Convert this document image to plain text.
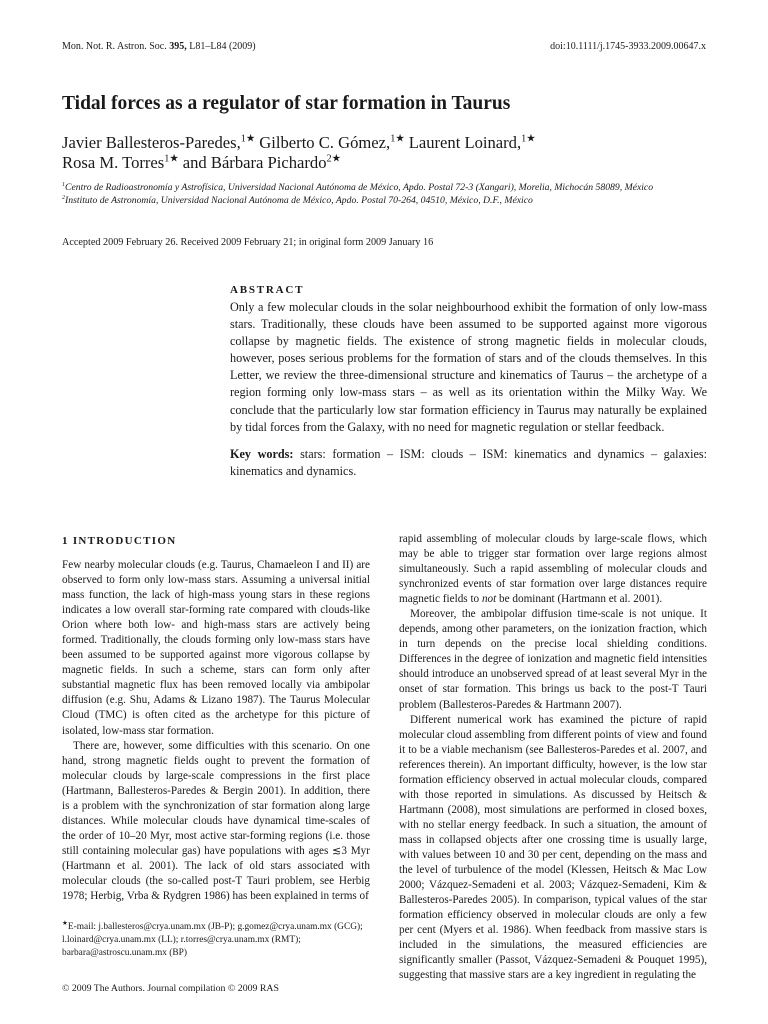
Mon. Not. R. Astron. Soc. 395, L81–L84 (2009)	doi:10.1111/j.1745-3933.2009.00647.x
Tidal forces as a regulator of star formation in Taurus
Javier Ballesteros-Paredes,$^{1★}$ Gilberto C. Gómez,$^{1★}$ Laurent Loinard,$^{1★}$
Rosa M. Torres$^{1★}$ and Bárbara Pichardo$^{2★}$
$^1$Centro de Radioastronomía y Astrofísica, Universidad Nacional Autónoma de México, Apdo. Postal 72-3 (Xangari), Morelia, Michocán 58089, México
$^2$Instituto de Astronomía, Universidad Nacional Autónoma de México, Apdo. Postal 70-264, 04510, México, D.F., México
Accepted 2009 February 26. Received 2009 February 21; in original form 2009 January 16
ABSTRACT

Only a few molecular clouds in the solar neighbourhood exhibit the formation of only low-mass stars. Traditionally, these clouds have been assumed to be supported against more vigorous collapse by magnetic fields. The existence of strong magnetic fields in molecular clouds, however, poses serious problems for the formation of stars and of the clouds themselves. In this Letter, we review the three-dimensional structure and kinematics of Taurus – the archetype of a region forming only low-mass stars – as well as its orientation within the Milky Way. We conclude that the particularly low star formation efficiency in Taurus may naturally be explained by tidal forces from the Galaxy, with no need for magnetic regulation or stellar feedback.

Key words: stars: formation – ISM: clouds – ISM: kinematics and dynamics – galaxies: kinematics and dynamics.

1 INTRODUCTION

Few nearby molecular clouds (e.g. Taurus, Chamaeleon I and II) are observed to form only low-mass stars. Assuming a universal initial mass function, the lack of high-mass young stars in these regions indicates a low overall star-forming rate compared with clouds-like Orion where both low- and high-mass stars are actively being formed. Traditionally, the clouds forming only low-mass stars have been assumed to be supported against more vigorous collapse by magnetic fields. In such a scheme, stars can form only after substantial magnetic flux has been removed locally via ambipolar diffusion (e.g. Shu, Adams & Lizano 1987). The Taurus Molecular Cloud (TMC) is often cited as the archetype for this picture of isolated, low-mass star formation.

There are, however, some difficulties with this scenario. On one hand, strong magnetic fields ought to prevent the formation of molecular clouds by large-scale compressions in the first place (Hartmann, Ballesteros-Paredes & Bergin 2001). In addition, there is a problem with the synchronization of star formation along large distances. While molecular clouds have dynamical time-scales of the order of 10–20 Myr, most active star-forming regions (i.e. those still containing molecular gas) have populations with ages ≲3 Myr (Hartmann et al. 2001). The lack of old stars associated with molecular clouds (the so-called post-T Tauri problem, see Herbig 1978; Herbig, Vrba & Rydgren 1986) has been explained in terms of

rapid assembling of molecular clouds by large-scale flows, which may be able to trigger star formation over large regions almost simultaneously. Such a rapid assembling of molecular clouds and synchronized events of star formation over large distances require magnetic fields to not be dominant (Hartmann et al. 2001).

Moreover, the ambipolar diffusion time-scale is not unique. It depends, among other parameters, on the ionization fraction, which in turn depends on the precise local shielding conditions. Differences in the degree of ionization and magnetic field intensities should introduce an unobserved spread of at least several Myr in the onset of star formation. This brings us back to the post-T Tauri problem (Ballesteros-Paredes & Hartmann 2007).

Different numerical work has examined the picture of rapid molecular cloud assembling from different points of view and found it to be a viable mechanism (see Ballesteros-Paredes et al. 2007, and references therein). An important difficulty, however, is the low star formation efficiency observed in actual molecular clouds, compared with those reported in simulations. As discussed by Heitsch & Hartmann (2008), most simulations are performed in closed boxes, with no stellar energy feedback. In such a situation, the amount of mass in collapsed objects after one crossing time is usually large, with values between 10 and 30 per cent, depending on the mass and the level of turbulence of the model (Klessen, Heitsch & Mac Low 2000; Vázquez-Semadeni et al. 2003; Vázquez-Semadeni, Kim & Ballesteros-Paredes 2005). In comparison, typical values of the star formation efficiency observed in molecular clouds are only a few per cent (Myers et al. 1986). When feedback from massive stars is included in the simulations, the measured efficiencies are significantly smaller (Passot, Vázquez-Semadeni & Pouquet 1995), suggesting that massive stars are a key ingredient in regulating the

★E-mail: j.ballesteros@crya.unam.mx (JB-P); g.gomez@crya.unam.mx (GCG); l.loinard@crya.unam.mx (LL); r.torres@crya.unam.mx (RMT); barbara@astroscu.unam.mx (BP)
© 2009 The Authors. Journal compilation © 2009 RAS
